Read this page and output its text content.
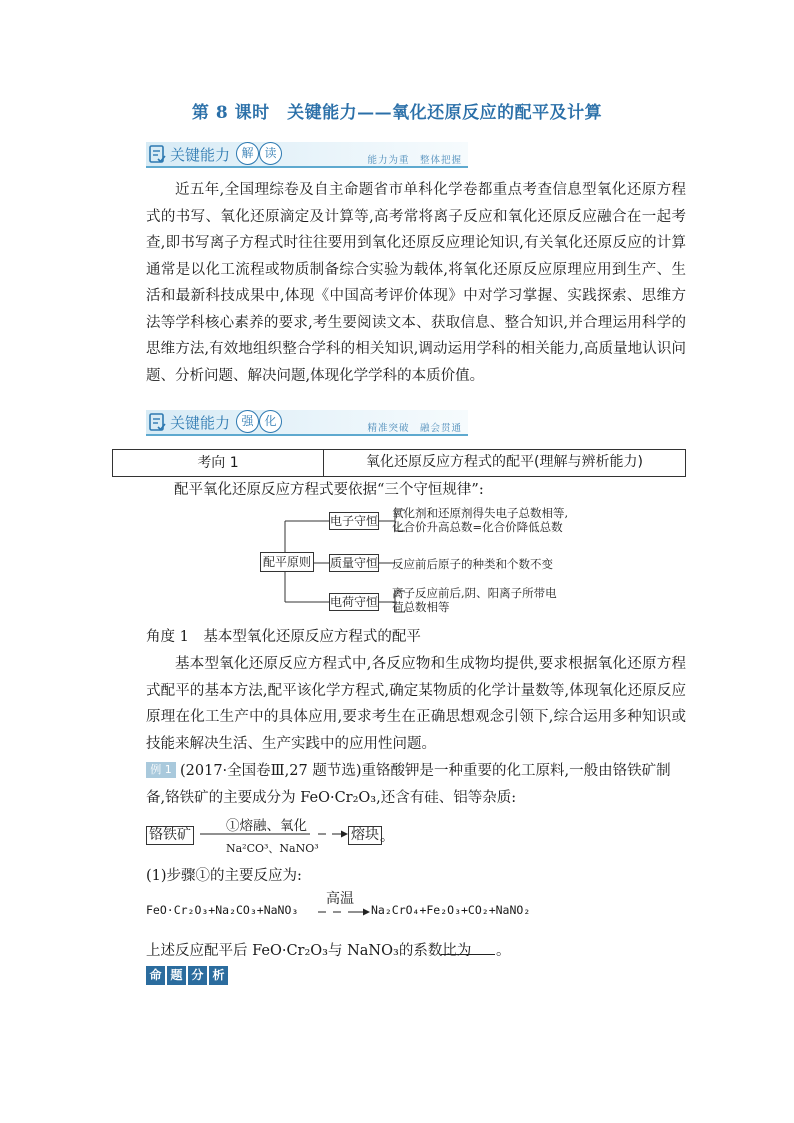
第 8 课时　关键能力——氧化还原反应的配平及计算
关键能力 解 读
能力为重　整体把握

近五年,全国理综卷及自主命题省市单科化学卷都重点考查信息型氧化还原方程式的书写、氧化还原滴定及计算等,高考常将离子反应和氧化还原反应融合在一起考查,即书写离子方程式时往往要用到氧化还原反应理论知识,有关氧化还原反应的计算通常是以化工流程或物质制备综合实验为载体,将氧化还原反应原理应用到生产、生活和最新科技成果中,体现《中国高考评价体现》中对学习掌握、实践探索、思维方法等学科核心素养的要求,考生要阅读文本、获取信息、整合知识,并合理运用科学的思维方法,有效地组织整合学科的相关知识,调动运用学科的相关能力,高质量地认识问题、分析问题、解决问题,体现化学学科的本质价值。

关键能力 强 化
精准突破　融会贯通
考向 1	氧化还原反应方程式的配平(理解与辨析能力)
配平氧化还原反应方程式要依据“三个守恒规律”:
配平原则
电子守恒
质量守恒
电荷守恒
氧化剂和还原剂得失电子总数相等,
化合价升高总数=化合价降低总数
反应前后原子的种类和个数不变
离子反应前后,阴、阳离子所带电
荷总数相等
角度 1　基本型氧化还原反应方程式的配平

基本型氧化还原反应方程式中,各反应物和生成物均提供,要求根据氧化还原方程式配平的基本方法,配平该化学方程式,确定某物质的化学计量数等,体现氧化还原反应原理在化工生产中的具体应用,要求考生在正确思想观念引领下,综合运用多种知识或技能来解决生活、生产实践中的应用性问题。

例 1 (2017·全国卷Ⅲ,27 题节选)重铬酸钾是一种重要的化工原料,一般由铬铁矿制
备,铬铁矿的主要成分为 FeO·Cr₂O₃,还含有硅、铝等杂质:
铬铁矿
①熔融、氧化
Na²CO³、NaNO³
熔块 。
(1)步骤①的主要反应为:
高温
FeO·Cr₂O₃+Na₂CO₃+NaNO₃	Na₂CrO₄+Fe₂O₃+CO₂+NaNO₂
上述反应配平后 FeO·Cr₂O₃与 NaNO₃的系数比为 。
命 题 分 析
